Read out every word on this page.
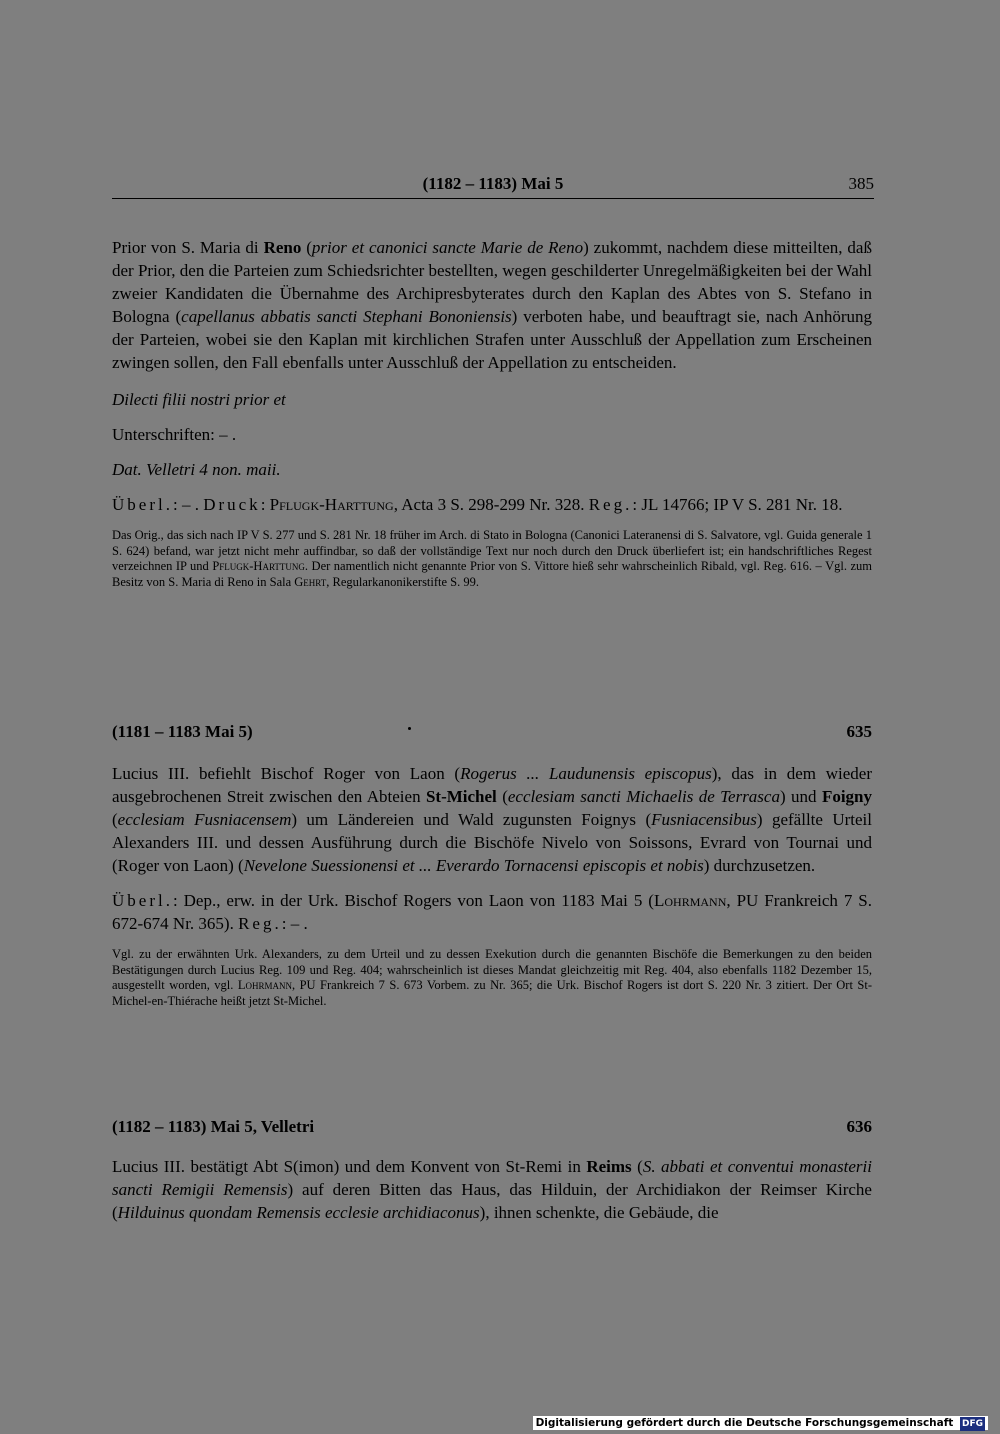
(1182 – 1183) Mai 5	385

Prior von S. Maria di Reno (prior et canonici sancte Marie de Reno) zukommt, nachdem diese mitteilten, daß der Prior, den die Parteien zum Schiedsrichter bestellten, wegen geschilderter Unregelmäßigkeiten bei der Wahl zweier Kandidaten die Übernahme des Archipresbyterates durch den Kaplan des Abtes von S. Stefano in Bologna (capellanus abbatis sancti Stephani Bononiensis) verboten habe, und beauftragt sie, nach Anhörung der Parteien, wobei sie den Kaplan mit kirchlichen Strafen unter Ausschluß der Appellation zum Erscheinen zwingen sollen, den Fall ebenfalls unter Ausschluß der Appellation zu entscheiden.

Dilecti filii nostri prior et

Unterschriften: – .

Dat. Velletri 4 non. maii.

Überl.: – . Druck: Pflugk-Harttung, Acta 3 S. 298-299 Nr. 328. Reg.: JL 14766; IP V S. 281 Nr. 18.

Das Orig., das sich nach IP V S. 277 und S. 281 Nr. 18 früher im Arch. di Stato in Bologna (Canonici Lateranensi di S. Salvatore, vgl. Guida generale 1 S. 624) befand, war jetzt nicht mehr auffindbar, so daß der vollständige Text nur noch durch den Druck überliefert ist; ein handschriftliches Regest verzeichnen IP und Pflugk-Harttung. Der namentlich nicht genannte Prior von S. Vittore hieß sehr wahrscheinlich Ribald, vgl. Reg. 616. – Vgl. zum Besitz von S. Maria di Reno in Sala Gehrt, Regularkanonikerstifte S. 99.

(1181 – 1183 Mai 5)	635

Lucius III. befiehlt Bischof Roger von Laon (Rogerus ... Laudunensis episcopus), das in dem wieder ausgebrochenen Streit zwischen den Abteien St-Michel (ecclesiam sancti Michaelis de Terrasca) und Foigny (ecclesiam Fusniacensem) um Ländereien und Wald zugunsten Foignys (Fusniacensibus) gefällte Urteil Alexanders III. und dessen Ausführung durch die Bischöfe Nivelo von Soissons, Evrard von Tournai und (Roger von Laon) (Nevelone Suessionensi et ... Everardo Tornacensi episcopis et nobis) durchzusetzen.

Überl.: Dep., erw. in der Urk. Bischof Rogers von Laon von 1183 Mai 5 (Lohrmann, PU Frankreich 7 S. 672-674 Nr. 365). Reg.: – .

Vgl. zu der erwähnten Urk. Alexanders, zu dem Urteil und zu dessen Exekution durch die genannten Bischöfe die Bemerkungen zu den beiden Bestätigungen durch Lucius Reg. 109 und Reg. 404; wahrscheinlich ist dieses Mandat gleichzeitig mit Reg. 404, also ebenfalls 1182 Dezember 15, ausgestellt worden, vgl. Lohrmann, PU Frankreich 7 S. 673 Vorbem. zu Nr. 365; die Urk. Bischof Rogers ist dort S. 220 Nr. 3 zitiert. Der Ort St-Michel-en-Thiérache heißt jetzt St-Michel.

(1182 – 1183) Mai 5, Velletri	636

Lucius III. bestätigt Abt S(imon) und dem Konvent von St-Remi in Reims (S. abbati et conventui monasterii sancti Remigii Remensis) auf deren Bitten das Haus, das Hilduin, der Archidiakon der Reimser Kirche (Hilduinus quondam Remensis ecclesie archidiaconus), ihnen schenkte, die Gebäude, die

Digitalisierung gefördert durch die Deutsche Forschungsgemeinschaft DFG
